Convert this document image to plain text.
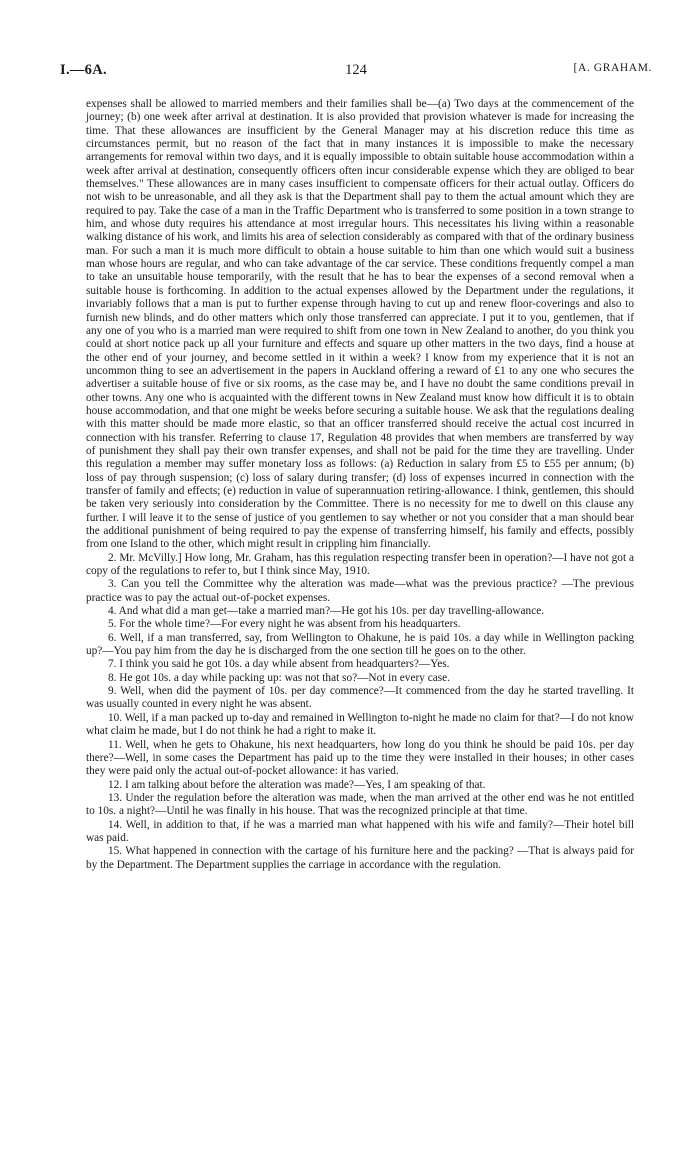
I.—6A.	124	[A. GRAHAM.

expenses shall be allowed to married members and their families shall be—(a) Two days at the commencement of the journey; (b) one week after arrival at destination. It is also provided that provision whatever is made for increasing the time. That these allowances are insufficient by the General Manager may at his discretion reduce this time as circumstances permit, but no reason of the fact that in many instances it is impossible to make the necessary arrangements for removal within two days, and it is equally impossible to obtain suitable house accommodation within a week after arrival at destination, consequently officers often incur considerable expense which they are obliged to bear themselves." These allowances are in many cases insufficient to compensate officers for their actual outlay. Officers do not wish to be unreasonable, and all they ask is that the Department shall pay to them the actual amount which they are required to pay. Take the case of a man in the Traffic Department who is transferred to some position in a town strange to him, and whose duty requires his attendance at most irregular hours. This necessitates his living within a reasonable walking distance of his work, and limits his area of selection considerably as compared with that of the ordinary business man. For such a man it is much more difficult to obtain a house suitable to him than one which would suit a business man whose hours are regular, and who can take advantage of the car service. These conditions frequently compel a man to take an unsuitable house temporarily, with the result that he has to bear the expenses of a second removal when a suitable house is forthcoming. In addition to the actual expenses allowed by the Department under the regulations, it invariably follows that a man is put to further expense through having to cut up and renew floor-coverings and also to furnish new blinds, and do other matters which only those transferred can appreciate. I put it to you, gentlemen, that if any one of you who is a married man were required to shift from one town in New Zealand to another, do you think you could at short notice pack up all your furniture and effects and square up other matters in the two days, find a house at the other end of your journey, and become settled in it within a week? I know from my experience that it is not an uncommon thing to see an advertisement in the papers in Auckland offering a reward of £1 to any one who secures the advertiser a suitable house of five or six rooms, as the case may be, and I have no doubt the same conditions prevail in other towns. Any one who is acquainted with the different towns in New Zealand must know how difficult it is to obtain house accommodation, and that one might be weeks before securing a suitable house. We ask that the regulations dealing with this matter should be made more elastic, so that an officer transferred should receive the actual cost incurred in connection with his transfer. Referring to clause 17, Regulation 48 provides that when members are transferred by way of punishment they shall pay their own transfer expenses, and shall not be paid for the time they are travelling. Under this regulation a member may suffer monetary loss as follows: (a) Reduction in salary from £5 to £55 per annum; (b) loss of pay through suspension; (c) loss of salary during transfer; (d) loss of expenses incurred in connection with the transfer of family and effects; (e) reduction in value of superannuation retiring-allowance. I think, gentlemen, this should be taken very seriously into consideration by the Committee. There is no necessity for me to dwell on this clause any further. I will leave it to the sense of justice of you gentlemen to say whether or not you consider that a man should bear the additional punishment of being required to pay the expense of transferring himself, his family and effects, possibly from one Island to the other, which might result in crippling him financially.

2. Mr. McVilly.] How long, Mr. Graham, has this regulation respecting transfer been in operation?—I have not got a copy of the regulations to refer to, but I think since May, 1910.

3. Can you tell the Committee why the alteration was made—what was the previous practice? —The previous practice was to pay the actual out-of-pocket expenses.

4. And what did a man get—take a married man?—He got his 10s. per day travelling-allowance.

5. For the whole time?—For every night he was absent from his headquarters.

6. Well, if a man transferred, say, from Wellington to Ohakune, he is paid 10s. a day while in Wellington packing up?—You pay him from the day he is discharged from the one section till he goes on to the other.

7. I think you said he got 10s. a day while absent from headquarters?—Yes.

8. He got 10s. a day while packing up: was not that so?—Not in every case.

9. Well, when did the payment of 10s. per day commence?—It commenced from the day he started travelling. It was usually counted in every night he was absent.

10. Well, if a man packed up to-day and remained in Wellington to-night he made no claim for that?—I do not know what claim he made, but I do not think he had a right to make it.

11. Well, when he gets to Ohakune, his next headquarters, how long do you think he should be paid 10s. per day there?—Well, in some cases the Department has paid up to the time they were installed in their houses; in other cases they were paid only the actual out-of-pocket allowance: it has varied.

12. I am talking about before the alteration was made?—Yes, I am speaking of that.

13. Under the regulation before the alteration was made, when the man arrived at the other end was he not entitled to 10s. a night?—Until he was finally in his house. That was the recognized principle at that time.

14. Well, in addition to that, if he was a married man what happened with his wife and family?—Their hotel bill was paid.

15. What happened in connection with the cartage of his furniture here and the packing? —That is always paid for by the Department. The Department supplies the carriage in accordance with the regulation.
